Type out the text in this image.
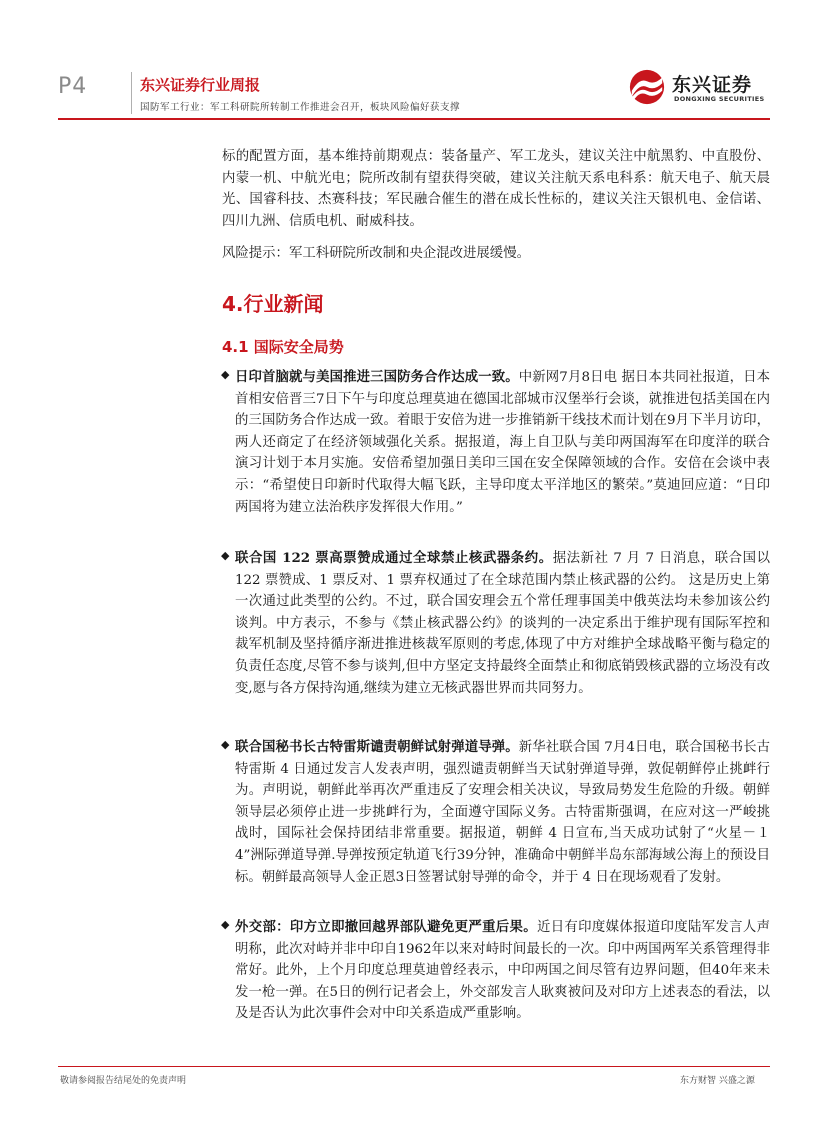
P4	东兴证券行业周报
国防军工行业：军工科研院所转制工作推进会召开，板块风险偏好获支撑
东兴证券
DONGXING SECURITIES

标的配置方面，基本维持前期观点：装备量产、军工龙头，建议关注中航黑豹、中直股份、内蒙一机、中航光电；院所改制有望获得突破，建议关注航天系电科系：航天电子、航天晨光、国睿科技、杰赛科技；军民融合催生的潜在成长性标的，建议关注天银机电、金信诺、四川九洲、信质电机、耐威科技。

风险提示：军工科研院所改制和央企混改进展缓慢。

4.行业新闻
4.1 国际安全局势
◆ 日印首脑就与美国推进三国防务合作达成一致。中新网7月8日电 据日本共同社报道，日本首相安倍晋三7日下午与印度总理莫迪在德国北部城市汉堡举行会谈，就推进包括美国在内的三国防务合作达成一致。着眼于安倍为进一步推销新干线技术而计划在9月下半月访印，两人还商定了在经济领域强化关系。据报道，海上自卫队与美印两国海军在印度洋的联合演习计划于本月实施。安倍希望加强日美印三国在安全保障领域的合作。安倍在会谈中表示：“希望使日印新时代取得大幅飞跃，主导印度太平洋地区的繁荣。”莫迪回应道：“日印两国将为建立法治秩序发挥很大作用。”

◆ 联合国 122 票高票赞成通过全球禁止核武器条约。据法新社 7 月 7 日消息，联合国以 122 票赞成、1 票反对、1 票弃权通过了在全球范围内禁止核武器的公约。 这是历史上第一次通过此类型的公约。不过，联合国安理会五个常任理事国美中俄英法均未参加该公约谈判。中方表示，不参与《禁止核武器公约》的谈判的一决定系出于维护现有国际军控和裁军机制及坚持循序渐进推进核裁军原则的考虑,体现了中方对维护全球战略平衡与稳定的负责任态度,尽管不参与谈判,但中方坚定支持最终全面禁止和彻底销毁核武器的立场没有改变,愿与各方保持沟通,继续为建立无核武器世界而共同努力。

◆ 联合国秘书长古特雷斯谴责朝鲜试射弹道导弹。新华社联合国 7月4日电，联合国秘书长古特雷斯 4 日通过发言人发表声明，强烈谴责朝鲜当天试射弹道导弹，敦促朝鲜停止挑衅行为。声明说，朝鲜此举再次严重违反了安理会相关决议，导致局势发生危险的升级。朝鲜领导层必须停止进一步挑衅行为，全面遵守国际义务。古特雷斯强调，在应对这一严峻挑战时，国际社会保持团结非常重要。据报道，朝鲜 4 日宣布,当天成功试射了“火星－１4”洲际弹道导弹.导弹按预定轨道飞行39分钟，准确命中朝鲜半岛东部海域公海上的预设目标。朝鲜最高领导人金正恩3日签署试射导弹的命令，并于 4 日在现场观看了发射。

◆ 外交部：印方立即撤回越界部队避免更严重后果。近日有印度媒体报道印度陆军发言人声明称，此次对峙并非中印自1962年以来对峙时间最长的一次。印中两国两军关系管理得非常好。此外，上个月印度总理莫迪曾经表示，中印两国之间尽管有边界问题，但40年来未发一枪一弹。在5日的例行记者会上，外交部发言人耿爽被问及对印方上述表态的看法，以及是否认为此次事件会对中印关系造成严重影响。

敬请参阅报告结尾处的免责声明	东方财智 兴盛之源
